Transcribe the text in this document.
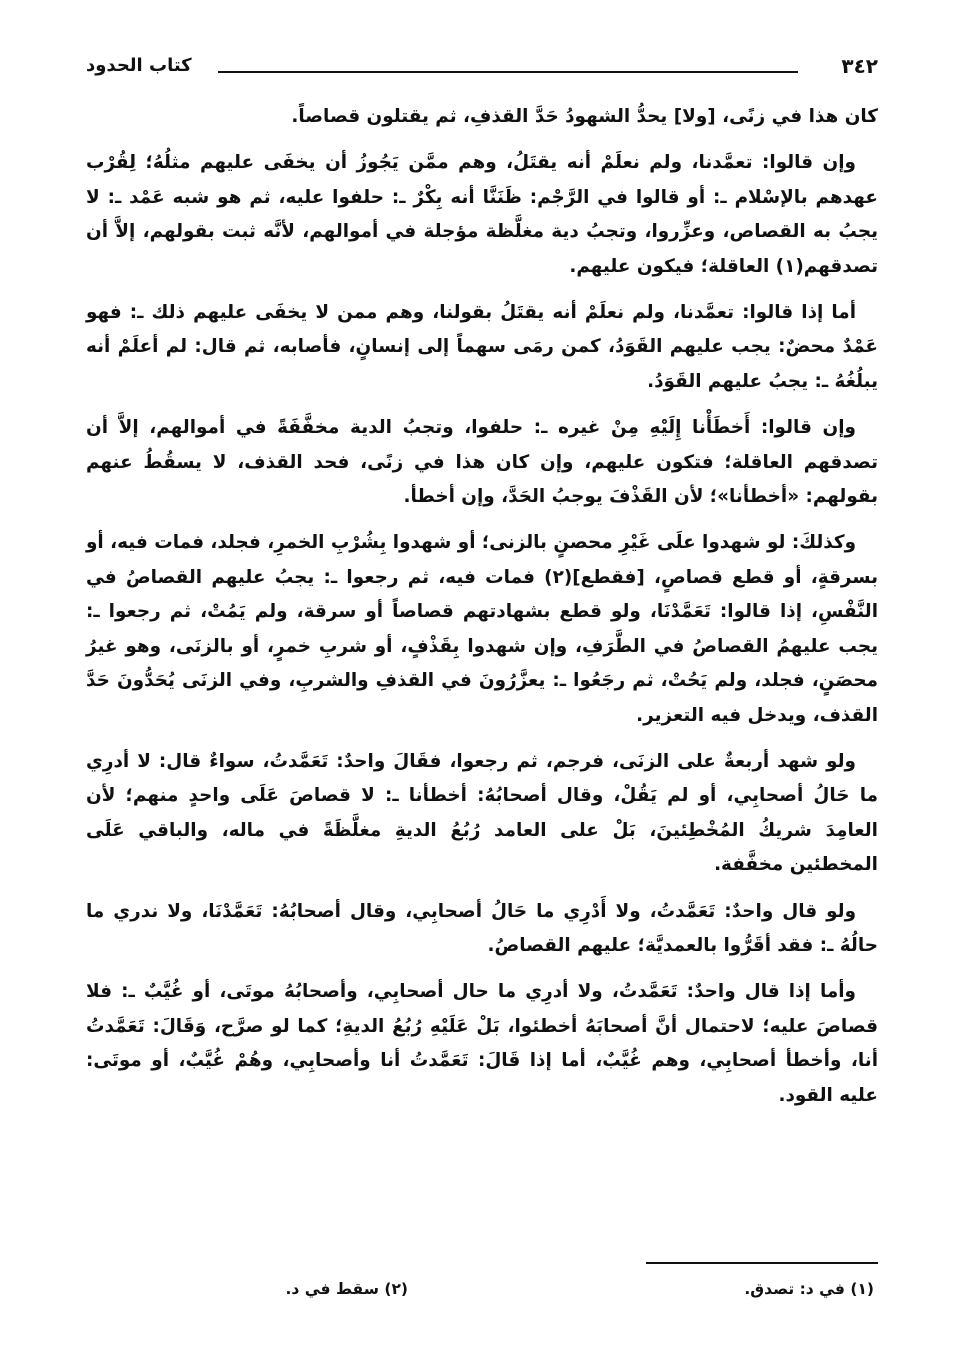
٣٤٢
كتاب الحدود

كان هذا في زنًى، [ولا] يحدُّ الشهودُ حَدَّ القذفِ، ثم يقتلون قصاصاً.

وإن قالوا: تعمَّدنا، ولم نعلَمْ أنه يقتَلُ، وهم ممَّن يَجُوزُ أن يخفَى عليهم مثلُهُ؛ لِقُرْب عهدهم بالإسْلام ـ: أو قالوا في الرَّجْم: ظَنَنَّا أنه بِكْرٌ ـ: حلفوا عليه، ثم هو شبه عَمْد ـ: لا يجبُ به القصاص، وعزِّروا، وتجبُ دية مغلَّظة مؤجلة في أموالهم، لأنَّه ثبت بقولهم، إلاَّ أن تصدقهم(١) العاقلة؛ فيكون عليهم.

أما إذا قالوا: تعمَّدنا، ولم نعلَمْ أنه يقتَلُ بقولنا، وهم ممن لا يخفَى عليهم ذلك ـ: فهو عَمْدٌ محضٌ: يجب عليهم القَوَدُ، كمن رمَى سهماً إلى إنسانٍ، فأصابه، ثم قال: لم أعلَمْ أنه يبلُغُهُ ـ: يجبُ عليهم القَوَدُ.

وإن قالوا: أَخطَأْنا إِلَيْهِ مِنْ غيره ـ: حلفوا، وتجبُ الدية مخفَّفَةً في أموالهم، إلاَّ أن تصدقهم العاقلة؛ فتكون عليهم، وإن كان هذا في زنًى، فحد القذف، لا يسقُطُ عنهم بقولهم: «أخطأنا»؛ لأن القَذْفَ يوجبُ الحَدَّ، وإن أخطأ.

وكذلكَ: لو شهدوا علَى غَيْرِ محصنٍ بالزنى؛ أو شهدوا بِشُرْبِ الخمرِ، فجلد، فمات فيه، أو بسرقةٍ، أو قطع قصاصٍ، [فقطع](٢) فمات فيه، ثم رجعوا ـ: يجبُ عليهم القصاصُ في النَّفْسِ، إذا قالوا: تَعَمَّدْنَا، ولو قطع بشهادتهم قصاصاً أو سرقة، ولم يَمُتْ، ثم رجعوا ـ: يجب عليهمُ القصاصُ في الطَّرَفِ، وإن شهدوا بِقَذْفٍ، أو شربِ خمرٍ، أو بالزنَى، وهو غيرُ محصَنٍ، فجلد، ولم يَحُتْ، ثم رجَعُوا ـ: يعزَّرُونَ في القذفِ والشربِ، وفي الزنَى يُحَدُّونَ حَدَّ القذف، ويدخل فيه التعزير.

ولو شهد أربعةٌ على الزنَى، فرجم، ثم رجعوا، فقَالَ واحدٌ: تَعَمَّدتُ، سواءٌ قال: لا أدرِي ما حَالُ أصحابِي، أو لم يَقُلْ، وقال أصحابُهُ: أخطأنا ـ: لا قصاصَ عَلَى واحدٍ منهم؛ لأن العامِدَ شريكُ المُخْطِئينَ، بَلْ على العامد رُبُعُ الديةِ مغلَّظَةً في ماله، والباقي عَلَى المخطئين مخفَّفة.

ولو قال واحدٌ: تَعَمَّدتُ، ولا أَدْرِي ما حَالُ أصحابِي، وقال أصحابُهُ: تَعَمَّدْنَا، ولا ندري ما حالُهُ ـ: فقد أقَرُّوا بالعمديَّة؛ عليهم القصاصُ.

وأما إذا قال واحدٌ: تَعَمَّدتُ، ولا أدرِي ما حال أصحابِي، وأصحابُهُ موتَى، أو غُيَّبٌ ـ: فلا قصاصَ عليه؛ لاحتمال أنَّ أصحابَهُ أخطئوا، بَلْ عَلَيْهِ رُبُعُ الديةِ؛ كما لو صرَّح، وَقَالَ: تَعَمَّدتُ أنا، وأخطأ أصحابِي، وهم غُيَّبٌ، أما إذا قَالَ: تَعَمَّدتُ أنا وأصحابِي، وهُمْ غُيَّبٌ، أو موتَى: عليه القود.

(١) في د: تصدق.
(٢) سقط في د.
